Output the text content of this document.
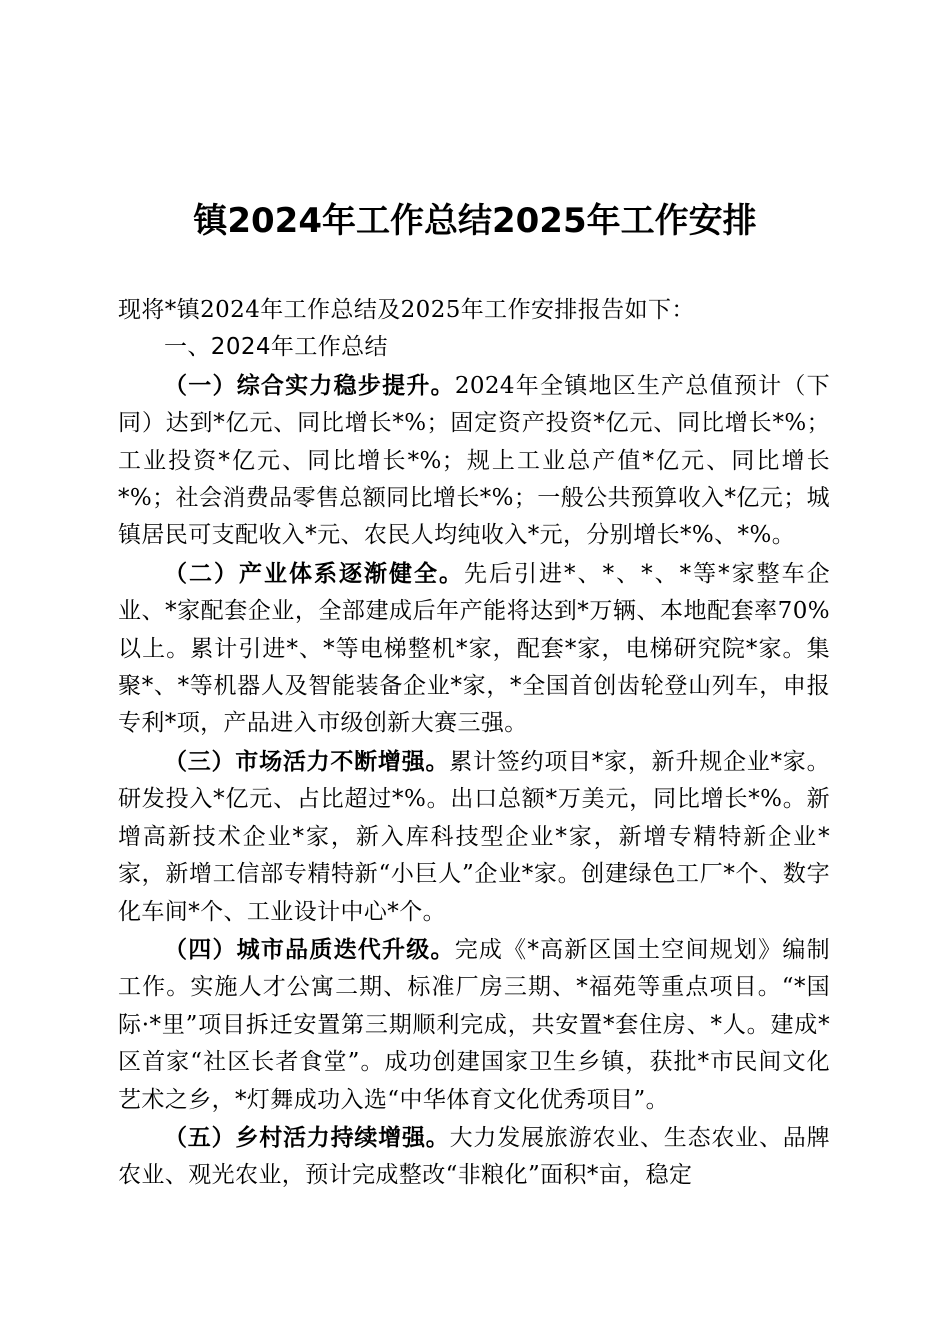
镇2024年工作总结2025年工作安排

现将*镇2024年工作总结及2025年工作安排报告如下：

一、2024年工作总结

（一）综合实力稳步提升。2024年全镇地区生产总值预计（下同）达到*亿元、同比增长*%；固定资产投资*亿元、同比增长*%；工业投资*亿元、同比增长*%；规上工业总产值*亿元、同比增长*%；社会消费品零售总额同比增长*%；一般公共预算收入*亿元；城镇居民可支配收入*元、农民人均纯收入*元，分别增长*%、*%。

（二）产业体系逐渐健全。先后引进*、*、*、*等*家整车企业、*家配套企业，全部建成后年产能将达到*万辆、本地配套率70%以上。累计引进*、*等电梯整机*家，配套*家，电梯研究院*家。集聚*、*等机器人及智能装备企业*家，*全国首创齿轮登山列车，申报专利*项，产品进入市级创新大赛三强。

（三）市场活力不断增强。累计签约项目*家，新升规企业*家。研发投入*亿元、占比超过*%。出口总额*万美元，同比增长*%。新增高新技术企业*家，新入库科技型企业*家，新增专精特新企业*家，新增工信部专精特新“小巨人”企业*家。创建绿色工厂*个、数字化车间*个、工业设计中心*个。

（四）城市品质迭代升级。完成《*高新区国土空间规划》编制工作。实施人才公寓二期、标准厂房三期、*福苑等重点项目。“*国际·*里”项目拆迁安置第三期顺利完成，共安置*套住房、*人。建成*区首家“社区长者食堂”。成功创建国家卫生乡镇，获批*市民间文化艺术之乡，*灯舞成功入选“中华体育文化优秀项目”。

（五）乡村活力持续增强。大力发展旅游农业、生态农业、品牌农业、观光农业，预计完成整改“非粮化”面积*亩，稳定
